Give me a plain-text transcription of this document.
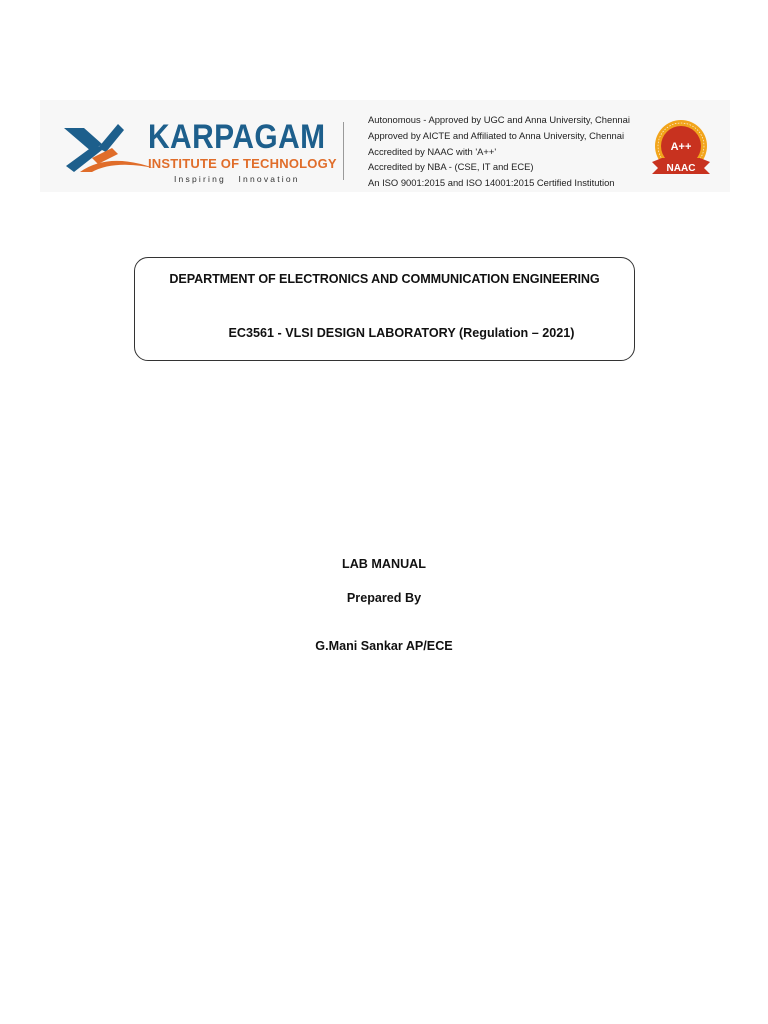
KARPAGAM
INSTITUTE OF TECHNOLOGY
Inspiring Innovation
Autonomous - Approved by UGC and Anna University, Chennai
Approved by AICTE and Affiliated to Anna University, Chennai
Accredited by NAAC with 'A++'
Accredited by NBA - (CSE, IT and ECE)
An ISO 9001:2015 and ISO 14001:2015 Certified Institution
A++
NAAC
DEPARTMENT OF ELECTRONICS AND COMMUNICATION ENGINEERING
EC3561 - VLSI DESIGN LABORATORY (Regulation – 2021)
LAB MANUAL
Prepared By
G.Mani Sankar AP/ECE
